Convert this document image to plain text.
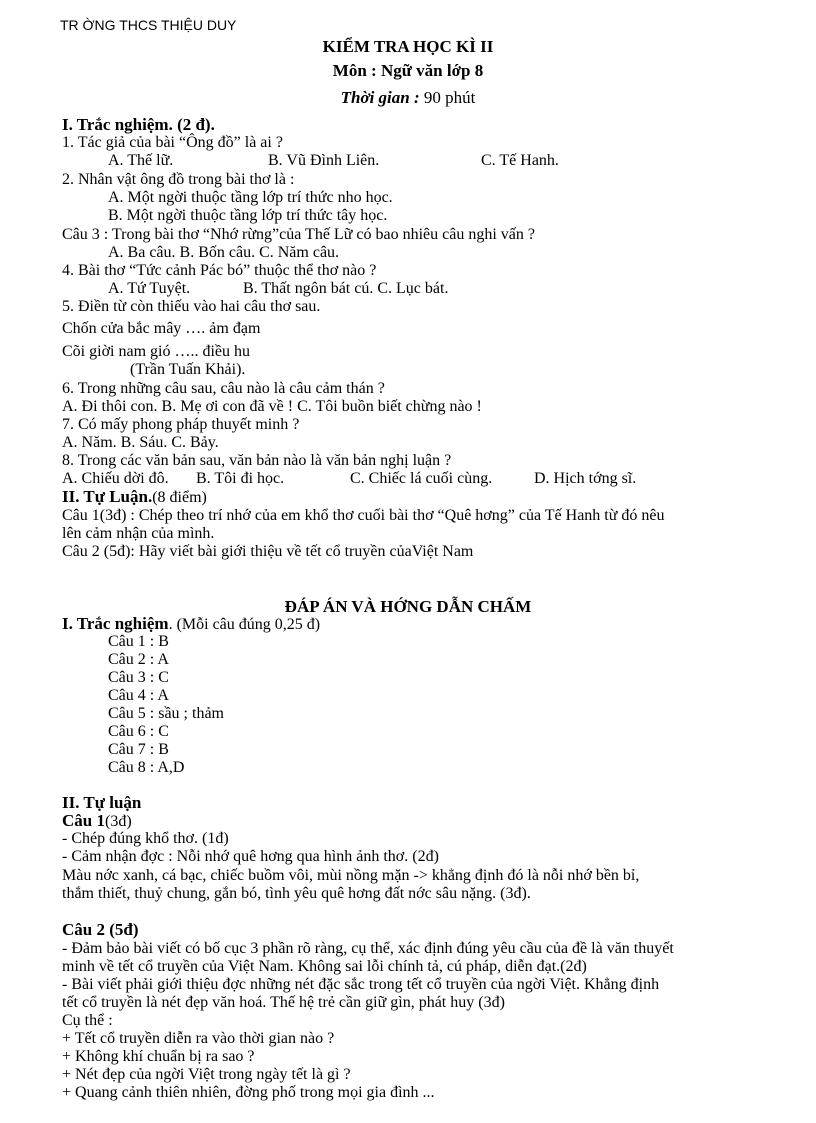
TR ỜNG THCS THIỆU DUY
KIỂM TRA HỌC KÌ II
Môn : Ngữ văn lớp 8
Thời gian : 90 phút
I. Trắc nghiệm. (2 đ).
1. Tác giả của bài “Ông đồ” là ai ?
A. Thế lữ.	B. Vũ Đình Liên.	C. Tế Hanh.
2. Nhân vật ông đồ trong bài thơ là :
A. Một ngời thuộc tầng lớp trí thức nho học.
B. Một ngời thuộc tầng lớp trí thức tây học.
Câu 3 : Trong bài thơ “Nhớ rừng”của Thế Lữ có bao nhiêu câu nghi vấn ?
A. Ba câu. B. Bốn câu. C. Năm câu.
4. Bài thơ “Tức cảnh Pác bó” thuộc thể thơ nào ?
A. Tứ Tuyệt.	B. Thất ngôn bát cú. C. Lục bát.
5. Điền từ còn thiếu vào hai câu thơ sau.
Chốn cửa bắc mây …. ảm đạm
Cõi giời nam gió ….. điều hu
(Trần Tuấn Khải).
6. Trong những câu sau, câu nào là câu cảm thán ?
A. Đi thôi con. B. Mẹ ơi con đã về ! C. Tôi buồn biết chừng nào !
7. Có mấy phong pháp thuyết minh ?
A. Năm. B. Sáu. C. Bảy.
8. Trong các văn bản sau, văn bản nào là văn bản nghị luận ?
A. Chiếu dời đô. B. Tôi đi học.	C. Chiếc lá cuối cùng.	D. Hịch tớng sĩ.
II. Tự Luận.(8 điểm)
Câu 1(3đ) : Chép theo trí nhớ của em khổ thơ cuối bài thơ “Quê hơng” của Tế Hanh từ đó nêu
lên cảm nhận của mình.
Câu 2 (5đ): Hãy viết bài giới thiệu về tết cổ truyền củaViệt Nam
ĐÁP ÁN VÀ HỚNG DẪN CHẤM
I. Trắc nghiệm. (Mỗi câu đúng 0,25 đ)
Câu 1 : B
Câu 2 : A
Câu 3 : C
Câu 4 : A
Câu 5 : sầu ; thảm
Câu 6 : C
Câu 7 : B
Câu 8 : A,D
II. Tự luận
Câu 1(3đ)
- Chép đúng khổ thơ. (1đ)
- Cảm nhận đợc : Nỗi nhớ quê hơng qua hình ảnh thơ. (2đ)
Màu nớc xanh, cá bạc, chiếc buồm vôi, mùi nồng mặn -> khẳng định đó là nỗi nhớ bền bỉ,
thắm thiết, thuỷ chung, gắn bó, tình yêu quê hơng đất nớc sâu nặng. (3đ).
Câu 2 (5đ)
- Đảm bảo bài viết có bố cục 3 phần rõ ràng, cụ thể, xác định đúng yêu cầu của đề là văn thuyết
minh về tết cổ truyền của Việt Nam. Không sai lỗi chính tả, cú pháp, diễn đạt.(2đ)
- Bài viết phải giới thiệu đợc những nét đặc sắc trong tết cổ truyền của ngời Việt. Khẳng định
tết cổ truyền là nét đẹp văn hoá. Thế hệ trẻ cần giữ gìn, phát huy (3đ)
Cụ thể :
+ Tết cổ truyền diễn ra vào thời gian nào ?
+ Không khí chuẩn bị ra sao ?
+ Nét đẹp của ngời Việt trong ngày tết là gì ?
+ Quang cảnh thiên nhiên, đờng phố trong mọi gia đình ...
